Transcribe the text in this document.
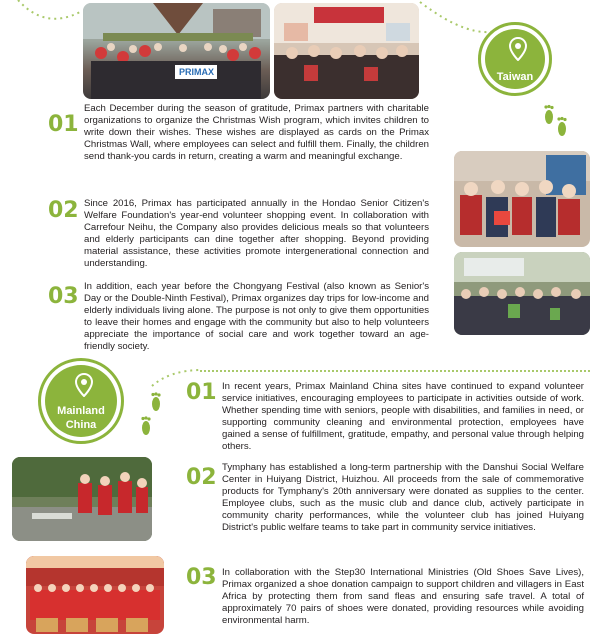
PRIMAX	Taiwan
01

Each December during the season of gratitude, Primax partners with charitable organizations to organize the Christmas Wish program, which invites children to write down their wishes. These wishes are displayed as cards on the Primax Christmas Wall, where employees can select and fulfill them. Finally, the children send thank-you cards in return, creating a warm and meaningful exchange.

02 Since 2016, Primax has participated annually in the Hondao Senior Citizen's Welfare Foundation's year-end volunteer shopping event. In collaboration with Carrefour Neihu, the Company also provides delicious meals so that volunteers and elderly participants can dine together after shopping. Beyond providing material assistance, these activities promote intergenerational connection and understanding.

03 In addition, each year before the Chongyang Festival (also known as Senior's Day or the Double-Ninth Festival), Primax organizes day trips for low-income and elderly individuals living alone. The purpose is not only to give them opportunities to leave their homes and engage with the community but also to help volunteers appreciate the importance of social care and work together toward an age-friendly society.

Mainland
China
01 In recent years, Primax Mainland China sites have continued to expand volunteer service initiatives, encouraging employees to participate in activities outside of work. Whether spending time with seniors, people with disabilities, and families in need, or supporting community cleaning and environmental protection, employees have gained a sense of fulfillment, gratitude, empathy, and personal value through helping others.

02 Tymphany has established a long-term partnership with the Danshui Social Welfare Center in Huiyang District, Huizhou. All proceeds from the sale of commemorative products for Tymphany's 20th anniversary were donated as supplies to the center. Employee clubs, such as the music club and dance club, actively participate in community charity performances, while the volunteer club has joined Huiyang District's public welfare teams to take part in community service initiatives.

03 In collaboration with the Step30 International Ministries (Old Shoes Save Lives), Primax organized a shoe donation campaign to support children and villagers in East Africa by protecting them from sand fleas and ensuring safe travel. A total of approximately 70 pairs of shoes were donated, providing resources while avoiding environmental harm.
